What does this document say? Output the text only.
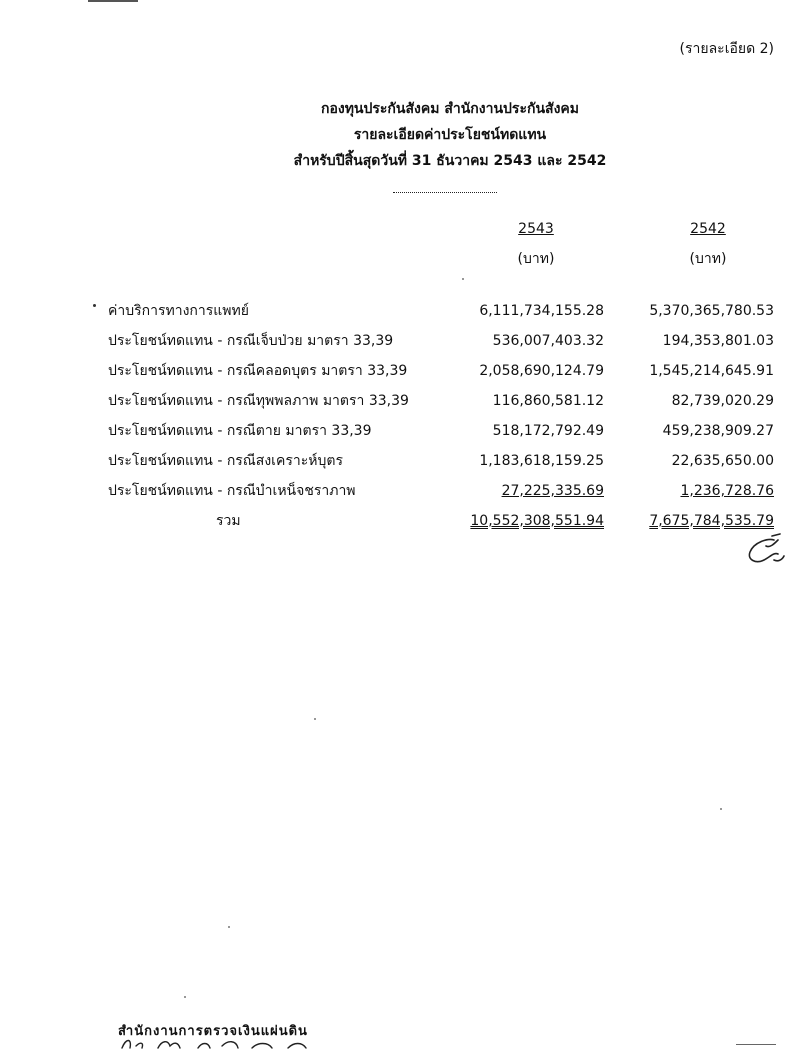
(รายละเอียด 2)
กองทุนประกันสังคม สำนักงานประกันสังคม
รายละเอียดค่าประโยชน์ทดแทน
สำหรับปีสิ้นสุดวันที่ 31 ธันวาคม 2543 และ 2542
2543
(บาท)
2542
(บาท)
ค่าบริการทางการแพทย์	6,111,734,155.28	5,370,365,780.53
ประโยชน์ทดแทน - กรณีเจ็บป่วย มาตรา 33,39	536,007,403.32	194,353,801.03
ประโยชน์ทดแทน - กรณีคลอดบุตร มาตรา 33,39	2,058,690,124.79	1,545,214,645.91
ประโยชน์ทดแทน - กรณีทุพพลภาพ มาตรา 33,39	116,860,581.12	82,739,020.29
ประโยชน์ทดแทน - กรณีตาย มาตรา 33,39	518,172,792.49	459,238,909.27
ประโยชน์ทดแทน - กรณีสงเคราะห์บุตร	1,183,618,159.25	22,635,650.00
ประโยชน์ทดแทน - กรณีบำเหน็จชราภาพ	27,225,335.69	1,236,728.76
รวม	10,552,308,551.94	7,675,784,535.79
สำนักงานการตรวจเงินแผ่นดิน
